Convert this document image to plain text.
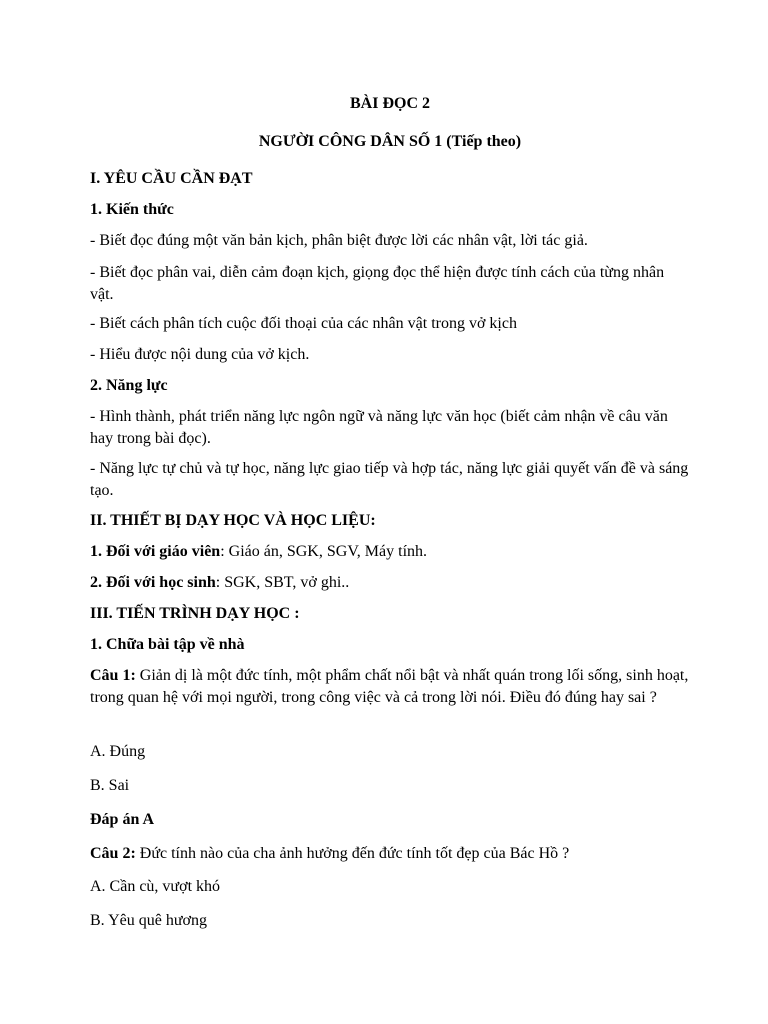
BÀI ĐỌC 2

NGƯỜI CÔNG DÂN SỐ 1 (Tiếp theo)

I. YÊU CẦU CẦN ĐẠT

1. Kiến thức

- Biết đọc đúng một văn bản kịch, phân biệt được lời các nhân vật, lời tác giả.

- Biết đọc phân vai, diễn cảm đoạn kịch, giọng đọc thể hiện được tính cách của từng nhân vật.

- Biết cách phân tích cuộc đối thoại của các nhân vật trong vở kịch

- Hiểu được nội dung của vở kịch.

2. Năng lực

- Hình thành, phát triển năng lực ngôn ngữ và năng lực văn học (biết cảm nhận về câu văn hay trong bài đọc).

- Năng lực tự chủ và tự học, năng lực giao tiếp và hợp tác, năng lực giải quyết vấn đề và sáng tạo.

II. THIẾT BỊ DẠY HỌC VÀ HỌC LIỆU:

1. Đối với giáo viên: Giáo án, SGK, SGV, Máy tính.

2. Đối với học sinh: SGK, SBT, vở ghi..

III. TIẾN TRÌNH DẠY HỌC :

1. Chữa bài tập về nhà

Câu 1: Giản dị là một đức tính, một phẩm chất nổi bật và nhất quán trong lối sống, sinh hoạt, trong quan hệ với mọi người, trong công việc và cả trong lời nói. Điều đó đúng hay sai ?

A. Đúng

B. Sai

Đáp án A

Câu 2: Đức tính nào của cha ảnh hưởng đến đức tính tốt đẹp của Bác Hồ ?

A. Cần cù, vượt khó

B. Yêu quê hương
